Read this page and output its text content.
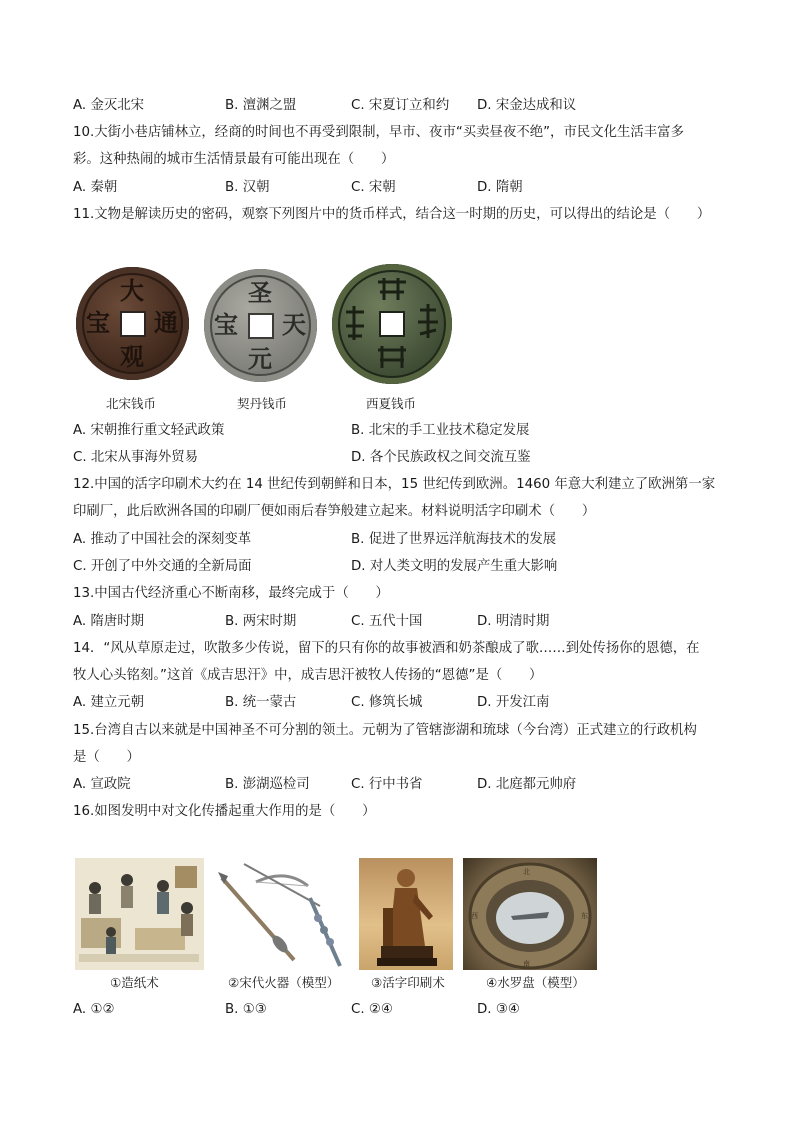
A. 金灭北宋	B. 澶渊之盟	C. 宋夏订立和约 D. 宋金达成和议
10.大街小巷店铺林立，经商的时间也不再受到限制，早市、夜市“买卖昼夜不绝”，市民文化生活丰富多
彩。这种热闹的城市生活情景最有可能出现在（　　）
A. 秦朝	B. 汉朝	C. 宋朝	D. 隋朝
11.文物是解读历史的密码，观察下列图片中的货币样式，结合这一时期的历史，可以得出的结论是（　　）
大
通
观
宝
北宋钱币
圣
天
元
宝
契丹钱币	西夏钱币
A. 宋朝推行重文轻武政策	B. 北宋的手工业技术稳定发展
C. 北宋从事海外贸易	D. 各个民族政权之间交流互鉴
12.中国的活字印刷术大约在 14 世纪传到朝鲜和日本，15 世纪传到欧洲。1460 年意大利建立了欧洲第一家
印刷厂，此后欧洲各国的印刷厂便如雨后春笋般建立起来。材料说明活字印刷术（　　）
A. 推动了中国社会的深刻变革	B. 促进了世界远洋航海技术的发展
C. 开创了中外交通的全新局面	D. 对人类文明的发展产生重大影响
13.中国古代经济重心不断南移，最终完成于（　　）
A. 隋唐时期	B. 两宋时期	C. 五代十国	D. 明清时期
14．“风从草原走过，吹散多少传说，留下的只有你的故事被酒和奶茶酿成了歌……到处传扬你的恩德，在
牧人心头铭刻。”这首《成吉思汗》中，成吉思汗被牧人传扬的“恩德”是（　　）
A. 建立元朝	B. 统一蒙古	C. 修筑长城	D. 开发江南
15.台湾自古以来就是中国神圣不可分割的领土。元朝为了管辖澎湖和琉球（今台湾）正式建立的行政机构
是（　　）
A. 宣政院	B. 澎湖巡检司	C. 行中书省	D. 北庭都元帅府
16.如图发明中对文化传播起重大作用的是（　　）
①造纸术	②宋代火器（模型）	③活字印刷术
北
南
西	东
④水罗盘（模型）
A. ①②	B. ①③	C. ②④	D. ③④
